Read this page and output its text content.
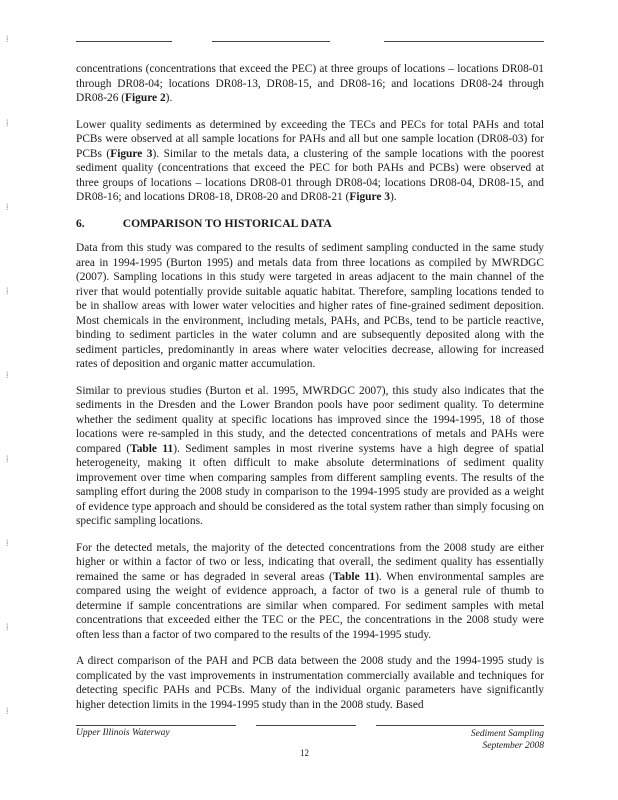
⁞
⁞
⁞
⁞
⁞
⁞
⁞
⁞
⁞

concentrations (concentrations that exceed the PEC) at three groups of locations – locations DR08-01 through DR08-04; locations DR08-13, DR08-15, and DR08-16; and locations DR08-24 through DR08-26 (Figure 2).

Lower quality sediments as determined by exceeding the TECs and PECs for total PAHs and total PCBs were observed at all sample locations for PAHs and all but one sample location (DR08-03) for PCBs (Figure 3). Similar to the metals data, a clustering of the sample locations with the poorest sediment quality (concentrations that exceed the PEC for both PAHs and PCBs) were observed at three groups of locations – locations DR08-01 through DR08-04; locations DR08-04, DR08-15, and DR08-16; and locations DR08-18, DR08-20 and DR08-21 (Figure 3).

6.	COMPARISON TO HISTORICAL DATA

Data from this study was compared to the results of sediment sampling conducted in the same study area in 1994-1995 (Burton 1995) and metals data from three locations as compiled by MWRDGC (2007). Sampling locations in this study were targeted in areas adjacent to the main channel of the river that would potentially provide suitable aquatic habitat. Therefore, sampling locations tended to be in shallow areas with lower water velocities and higher rates of fine-grained sediment deposition. Most chemicals in the environment, including metals, PAHs, and PCBs, tend to be particle reactive, binding to sediment particles in the water column and are subsequently deposited along with the sediment particles, predominantly in areas where water velocities decrease, allowing for increased rates of deposition and organic matter accumulation.

Similar to previous studies (Burton et al. 1995, MWRDGC 2007), this study also indicates that the sediments in the Dresden and the Lower Brandon pools have poor sediment quality. To determine whether the sediment quality at specific locations has improved since the 1994-1995, 18 of those locations were re-sampled in this study, and the detected concentrations of metals and PAHs were compared (Table 11). Sediment samples in most riverine systems have a high degree of spatial heterogeneity, making it often difficult to make absolute determinations of sediment quality improvement over time when comparing samples from different sampling events. The results of the sampling effort during the 2008 study in comparison to the 1994-1995 study are provided as a weight of evidence type approach and should be considered as the total system rather than simply focusing on specific sampling locations.

For the detected metals, the majority of the detected concentrations from the 2008 study are either higher or within a factor of two or less, indicating that overall, the sediment quality has essentially remained the same or has degraded in several areas (Table 11). When environmental samples are compared using the weight of evidence approach, a factor of two is a general rule of thumb to determine if sample concentrations are similar when compared. For sediment samples with metal concentrations that exceeded either the TEC or the PEC, the concentrations in the 2008 study were often less than a factor of two compared to the results of the 1994-1995 study.

A direct comparison of the PAH and PCB data between the 2008 study and the 1994-1995 study is complicated by the vast improvements in instrumentation commercially available and techniques for detecting specific PAHs and PCBs. Many of the individual organic parameters have significantly higher detection limits in the 1994-1995 study than in the 2008 study. Based

Upper Illinois Waterway	Sediment Sampling
September 2008
12
